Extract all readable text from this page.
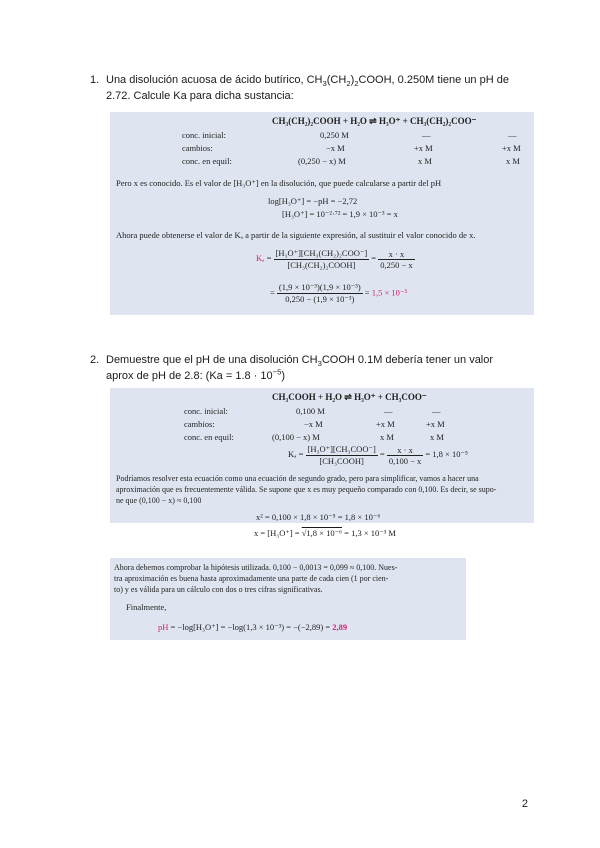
1. Una disolución acuosa de ácido butírico, $CH_3(CH_2)_2COOH$, 0.250M tiene un pH de
2.72. Calcule Ka para dicha sustancia:
CH₃(CH₂)₂COOH + H₂O ⇌ H₃O⁺ + CH₃(CH₂)₂COO⁻
conc. inicial:
cambios:
conc. en equil:
0,250 M
−x M
(0,250 − x) M
—
+x M
x M
—
+x M
x M
Pero x es conocido. Es el valor de [H₃O⁺] en la disolución, que puede calcularse a partir del pH
log[H₃O⁺] = −pH = −2,72
[H₃O⁺] = 10⁻²·⁷² = 1,9 × 10⁻³ = x
Ahora puede obtenerse el valor de Kₐ a partir de la siguiente expresión, al sustituir el valor conocido de x.
$K_a = \frac{\text{[H₃O⁺][CH₃(CH₂)₂COO⁻]}}{\text{[CH₃(CH₂)₂COOH]}} = \frac{x \cdot x}{0,250 - x}$
= $\frac{\text{(1,9 × 10⁻³)(1,9 × 10⁻³)}}{\text{0,250 − (1,9 × 10⁻³)}} = 1,5 \times 10^{-5}$
2. Demuestre que el pH de una disolución $CH_3COOH$ 0.1M debería tener un valor
aprox de pH de 2.8: $(Ka = 1.8 \cdot 10^{-5})$
CH₃COOH + H₂O ⇌ H₃O⁺ + CH₃COO⁻
conc. inicial:
cambios:
conc. en equil:
0,100 M
−x M
(0,100 − x) M
—
+x M
x M
—
+x M
x M
$K_a = \frac{\text{[H₃O⁺][CH₃COO⁻]}}{\text{[CH₃COOH]}} = \frac{x \cdot x}{0,100 - x} = 1,8 \times 10^{-5}$
Podríamos resolver esta ecuación como una ecuación de segundo grado, pero para simplificar, vamos a hacer una
aproximación que es frecuentemente válida. Se supone que x es muy pequeño comparado con 0,100. Es decir, se supo-
ne que (0,100 − x) ≈ 0,100
x² = 0,100 × 1,8 × 10⁻⁵ = 1,8 × 10⁻⁶
x = [H₃O⁺] = √1,8 × 10⁻⁶ = 1,3 × 10⁻³ M
Ahora debemos comprobar la hipótesis utilizada. 0,100 − 0,0013 = 0,099 ≈ 0,100. Nues-
tra aproximación es buena hasta aproximadamente una parte de cada cien (1 por cien-
to) y es válida para un cálculo con dos o tres cifras significativas.
Finalmente,
pH = −log[H₃O⁺] = −log(1,3 × 10⁻³) = −(−2,89) = 2,89
2
